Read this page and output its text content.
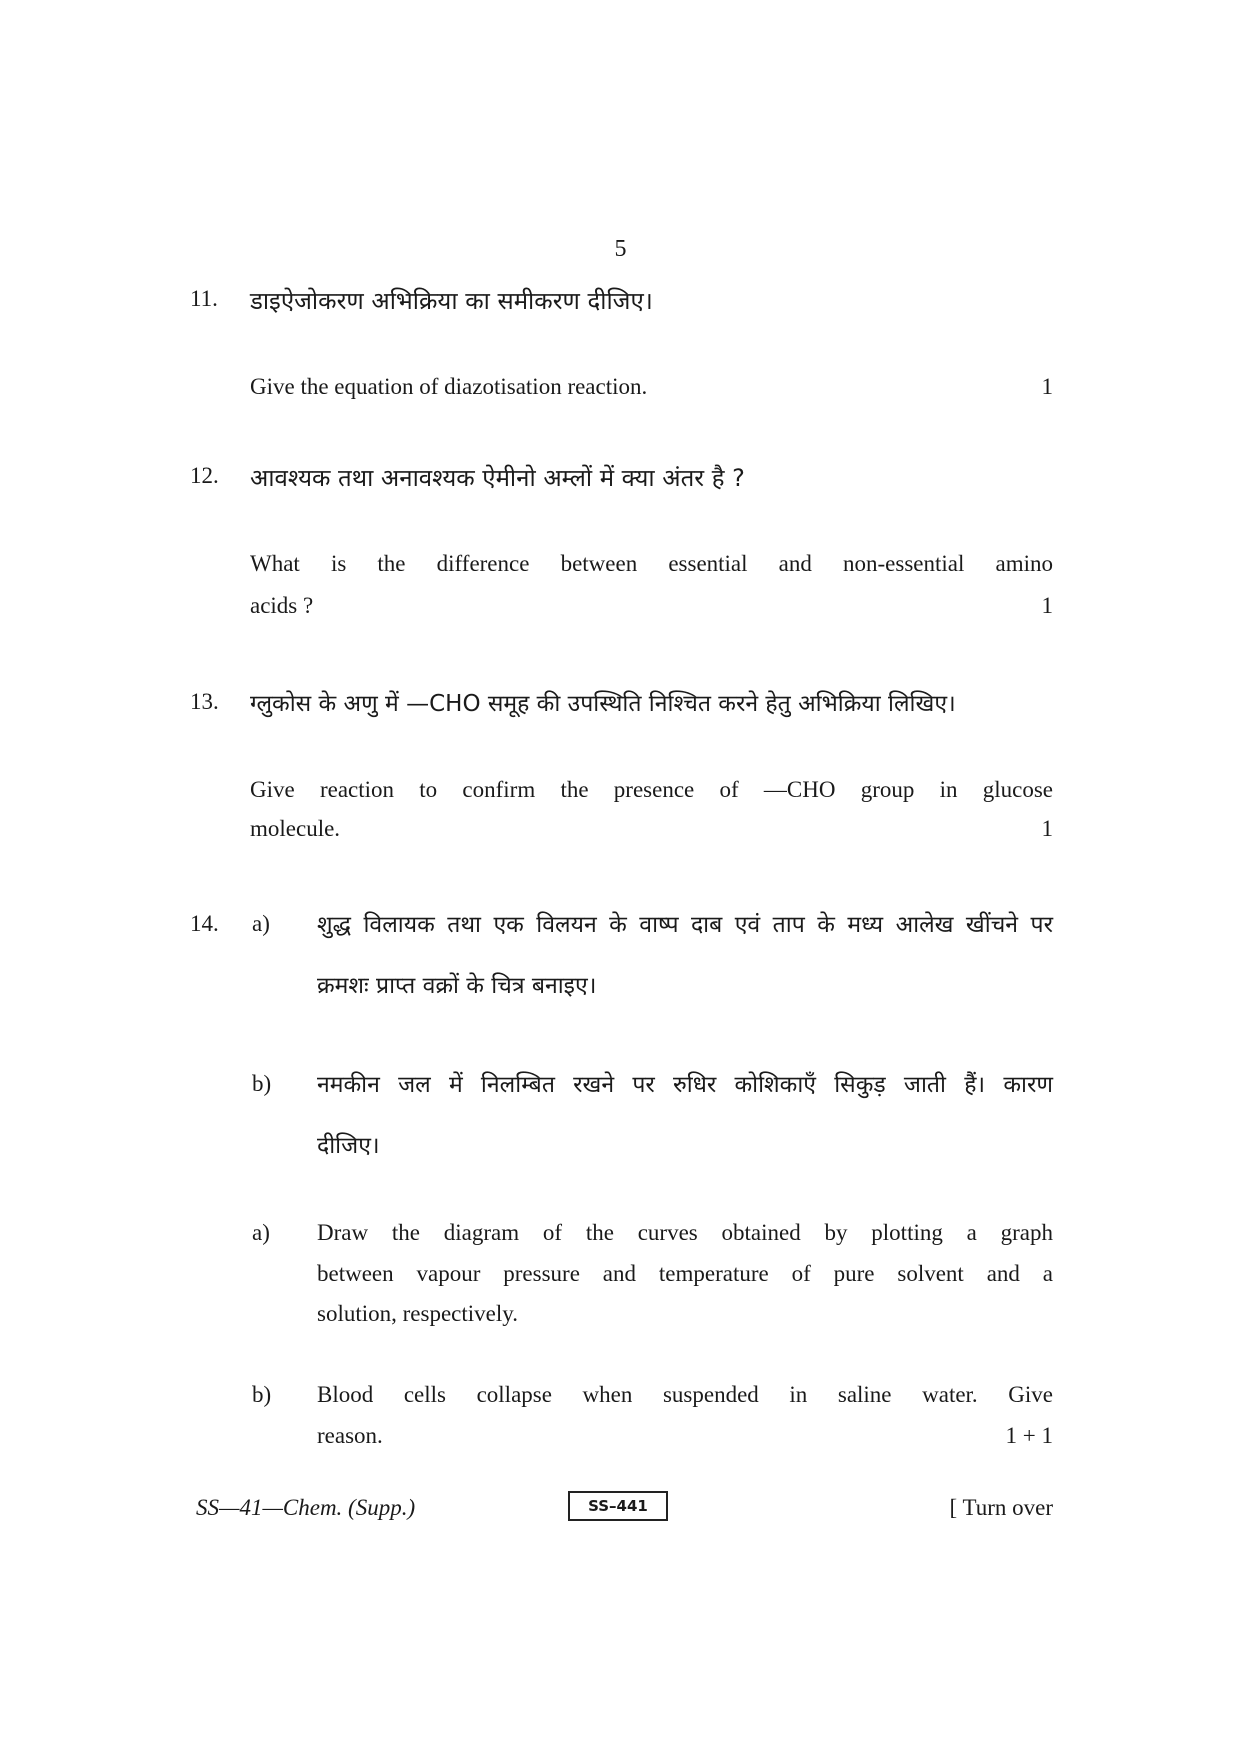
5
11. डाइऐजोकरण अभिक्रिया का समीकरण दीजिए।
Give the equation of diazotisation reaction.	1
12. आवश्यक तथा अनावश्यक ऐमीनो अम्लों में क्या अंतर है ?
What is the difference between essential and non-essential amino
acids ?	1
13. ग्लुकोस के अणु में —CHO समूह की उपस्थिति निश्चित करने हेतु अभिक्रिया लिखिए।
Give reaction to confirm the presence of —CHO group in glucose
molecule.	1
14. a) शुद्ध विलायक तथा एक विलयन के वाष्प दाब एवं ताप के मध्य आलेख खींचने पर
क्रमशः प्राप्त वक्रों के चित्र बनाइए।
b) नमकीन जल में निलम्बित रखने पर रुधिर कोशिकाएँ सिकुड़ जाती हैं। कारण
दीजिए।
a) Draw the diagram of the curves obtained by plotting a graph
between vapour pressure and temperature of pure solvent and a
solution, respectively.
b) Blood cells collapse when suspended in saline water. Give
reason.	1 + 1
SS—41—Chem. (Supp.)	SS–441	[ Turn over
